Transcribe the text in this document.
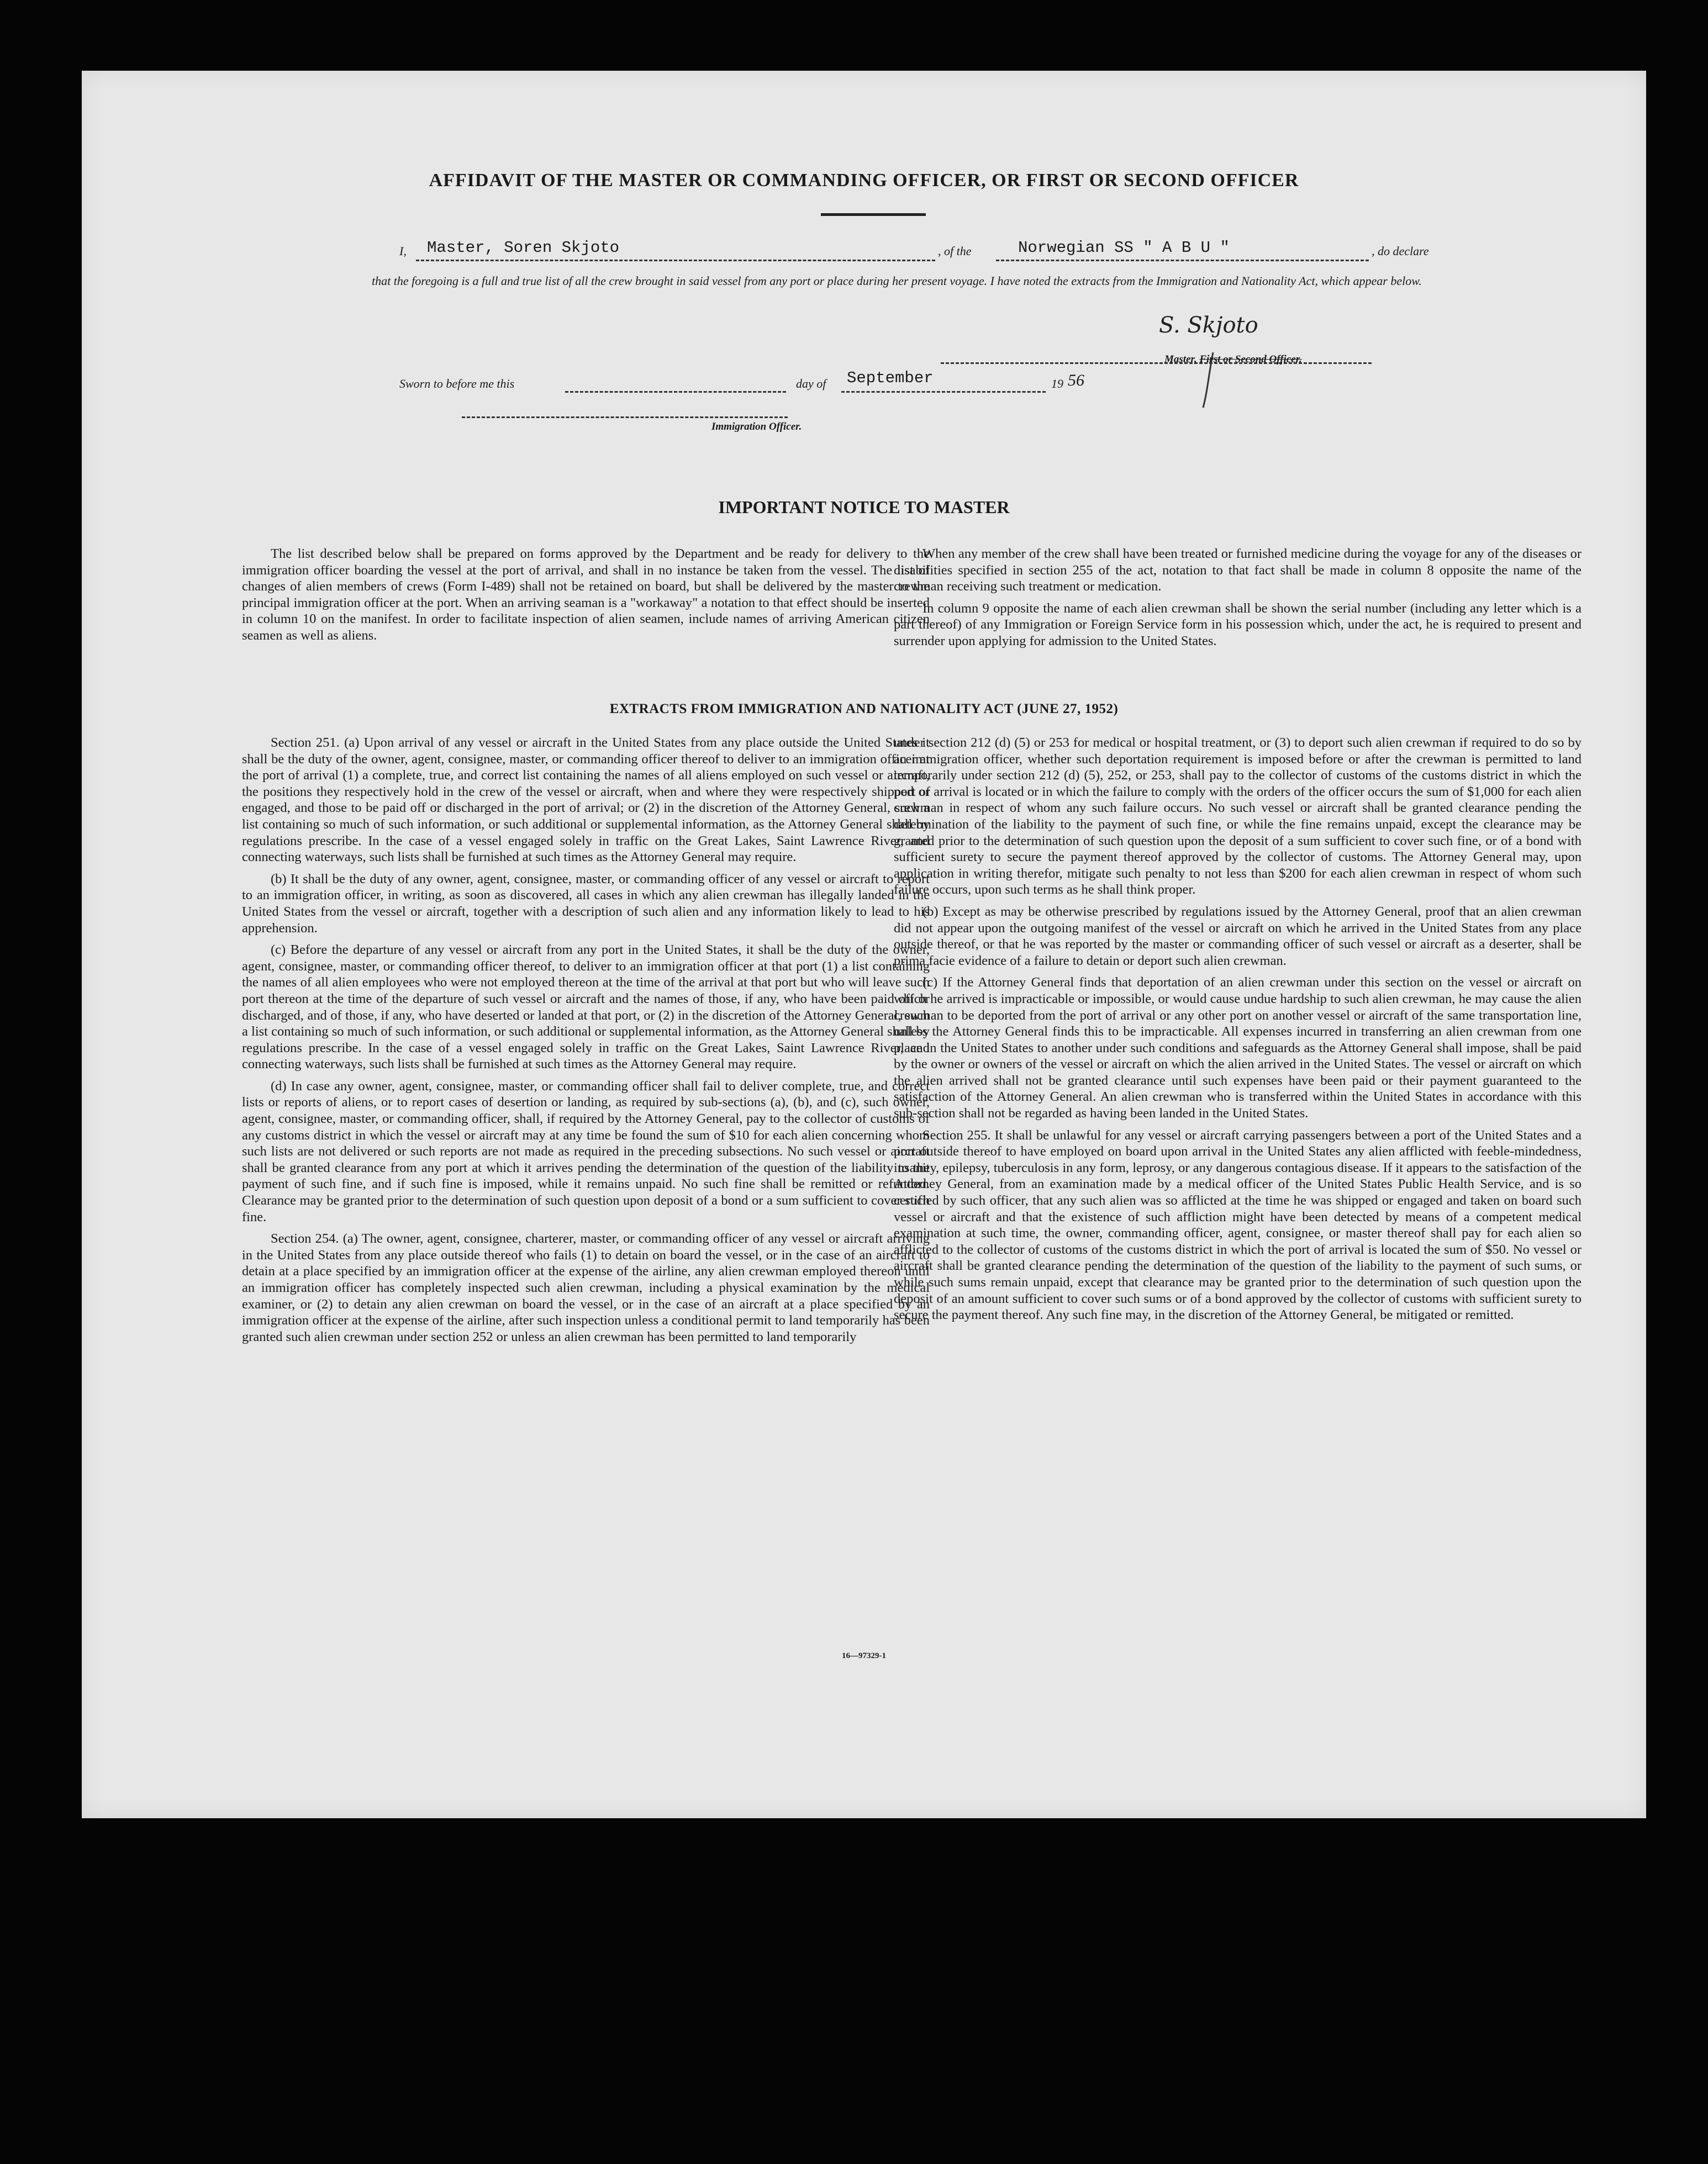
AFFIDAVIT OF THE MASTER OR COMMANDING OFFICER, OR FIRST OR SECOND OFFICER
I, Master, Soren Skjoto	, of the	Norwegian SS " A B U "	, do declare
that the foregoing is a full and true list of all the crew brought in said vessel from any port or place during her present voyage. I have noted the extracts from the Immigration and Nationality Act, which appear below.
S. Skjoto
Master, First or Second Officer.
Sworn to before me this	day of September	19 56
Immigration Officer.
IMPORTANT NOTICE TO MASTER

The list described below shall be prepared on forms approved by the Department and be ready for delivery to the immigration officer boarding the vessel at the port of arrival, and shall in no instance be taken from the vessel. The list of changes of alien members of crews (Form I-489) shall not be retained on board, but shall be delivered by the master to the principal immigration officer at the port. When an arriving seaman is a "workaway" a notation to that effect should be inserted in column 10 on the manifest. In order to facilitate inspection of alien seamen, include names of arriving American citizen seamen as well as aliens.

When any member of the crew shall have been treated or furnished medicine during the voyage for any of the diseases or disabilities specified in section 255 of the act, notation to that fact shall be made in column 8 opposite the name of the crewman receiving such treatment or medication.

In column 9 opposite the name of each alien crewman shall be shown the serial number (including any letter which is a part thereof) of any Immigration or Foreign Service form in his possession which, under the act, he is required to present and surrender upon applying for admission to the United States.

EXTRACTS FROM IMMIGRATION AND NATIONALITY ACT (JUNE 27, 1952)

Section 251. (a) Upon arrival of any vessel or aircraft in the United States from any place outside the United States it shall be the duty of the owner, agent, consignee, master, or commanding officer thereof to deliver to an immigration officer at the port of arrival (1) a complete, true, and correct list containing the names of all aliens employed on such vessel or aircraft, the positions they respectively hold in the crew of the vessel or aircraft, when and where they were respectively shipped or engaged, and those to be paid off or discharged in the port of arrival; or (2) in the discretion of the Attorney General, such a list containing so much of such information, or such additional or supplemental information, as the Attorney General shall by regulations prescribe. In the case of a vessel engaged solely in traffic on the Great Lakes, Saint Lawrence River, and connecting waterways, such lists shall be furnished at such times as the Attorney General may require.

(b) It shall be the duty of any owner, agent, consignee, master, or commanding officer of any vessel or aircraft to report to an immigration officer, in writing, as soon as discovered, all cases in which any alien crewman has illegally landed in the United States from the vessel or aircraft, together with a description of such alien and any information likely to lead to his apprehension.

(c) Before the departure of any vessel or aircraft from any port in the United States, it shall be the duty of the owner, agent, consignee, master, or commanding officer thereof, to deliver to an immigration officer at that port (1) a list containing the names of all alien employees who were not employed thereon at the time of the arrival at that port but who will leave such port thereon at the time of the departure of such vessel or aircraft and the names of those, if any, who have been paid off or discharged, and of those, if any, who have deserted or landed at that port, or (2) in the discretion of the Attorney General, such a list containing so much of such information, or such additional or supplemental information, as the Attorney General shall by regulations prescribe. In the case of a vessel engaged solely in traffic on the Great Lakes, Saint Lawrence River, and connecting waterways, such lists shall be furnished at such times as the Attorney General may require.

(d) In case any owner, agent, consignee, master, or commanding officer shall fail to deliver complete, true, and correct lists or reports of aliens, or to report cases of desertion or landing, as required by sub-sections (a), (b), and (c), such owner, agent, consignee, master, or commanding officer, shall, if required by the Attorney General, pay to the collector of customs of any customs district in which the vessel or aircraft may at any time be found the sum of $10 for each alien concerning whom such lists are not delivered or such reports are not made as required in the preceding subsections. No such vessel or aircraft shall be granted clearance from any port at which it arrives pending the determination of the question of the liability to the payment of such fine, and if such fine is imposed, while it remains unpaid. No such fine shall be remitted or refunded. Clearance may be granted prior to the determination of such question upon deposit of a bond or a sum sufficient to cover such fine.

Section 254. (a) The owner, agent, consignee, charterer, master, or commanding officer of any vessel or aircraft arriving in the United States from any place outside thereof who fails (1) to detain on board the vessel, or in the case of an aircraft to detain at a place specified by an immigration officer at the expense of the airline, any alien crewman employed thereon until an immigration officer has completely inspected such alien crewman, including a physical examination by the medical examiner, or (2) to detain any alien crewman on board the vessel, or in the case of an aircraft at a place specified by an immigration officer at the expense of the airline, after such inspection unless a conditional permit to land temporarily has been granted such alien crewman under section 252 or unless an alien crewman has been permitted to land temporarily

under section 212 (d) (5) or 253 for medical or hospital treatment, or (3) to deport such alien crewman if required to do so by an immigration officer, whether such deportation requirement is imposed before or after the crewman is permitted to land temporarily under section 212 (d) (5), 252, or 253, shall pay to the collector of customs of the customs district in which the port of arrival is located or in which the failure to comply with the orders of the officer occurs the sum of $1,000 for each alien crewman in respect of whom any such failure occurs. No such vessel or aircraft shall be granted clearance pending the determination of the liability to the payment of such fine, or while the fine remains unpaid, except the clearance may be granted prior to the determination of such question upon the deposit of a sum sufficient to cover such fine, or of a bond with sufficient surety to secure the payment thereof approved by the collector of customs. The Attorney General may, upon application in writing therefor, mitigate such penalty to not less than $200 for each alien crewman in respect of whom such failure occurs, upon such terms as he shall think proper.

(b) Except as may be otherwise prescribed by regulations issued by the Attorney General, proof that an alien crewman did not appear upon the outgoing manifest of the vessel or aircraft on which he arrived in the United States from any place outside thereof, or that he was reported by the master or commanding officer of such vessel or aircraft as a deserter, shall be prima facie evidence of a failure to detain or deport such alien crewman.

(c) If the Attorney General finds that deportation of an alien crewman under this section on the vessel or aircraft on which he arrived is impracticable or impossible, or would cause undue hardship to such alien crewman, he may cause the alien crewman to be deported from the port of arrival or any other port on another vessel or aircraft of the same transportation line, unless the Attorney General finds this to be impracticable. All expenses incurred in transferring an alien crewman from one place in the United States to another under such conditions and safeguards as the Attorney General shall impose, shall be paid by the owner or owners of the vessel or aircraft on which the alien arrived in the United States. The vessel or aircraft on which the alien arrived shall not be granted clearance until such expenses have been paid or their payment guaranteed to the satisfaction of the Attorney General. An alien crewman who is transferred within the United States in accordance with this sub-section shall not be regarded as having been landed in the United States.

Section 255. It shall be unlawful for any vessel or aircraft carrying passengers between a port of the United States and a port outside thereof to have employed on board upon arrival in the United States any alien afflicted with feeble-mindedness, insanity, epilepsy, tuberculosis in any form, leprosy, or any dangerous contagious disease. If it appears to the satisfaction of the Attorney General, from an examination made by a medical officer of the United States Public Health Service, and is so certified by such officer, that any such alien was so afflicted at the time he was shipped or engaged and taken on board such vessel or aircraft and that the existence of such affliction might have been detected by means of a competent medical examination at such time, the owner, commanding officer, agent, consignee, or master thereof shall pay for each alien so afflicted to the collector of customs of the customs district in which the port of arrival is located the sum of $50. No vessel or aircraft shall be granted clearance pending the determination of the question of the liability to the payment of such sums, or while such sums remain unpaid, except that clearance may be granted prior to the determination of such question upon the deposit of an amount sufficient to cover such sums or of a bond approved by the collector of customs with sufficient surety to secure the payment thereof. Any such fine may, in the discretion of the Attorney General, be mitigated or remitted.

16—97329-1
